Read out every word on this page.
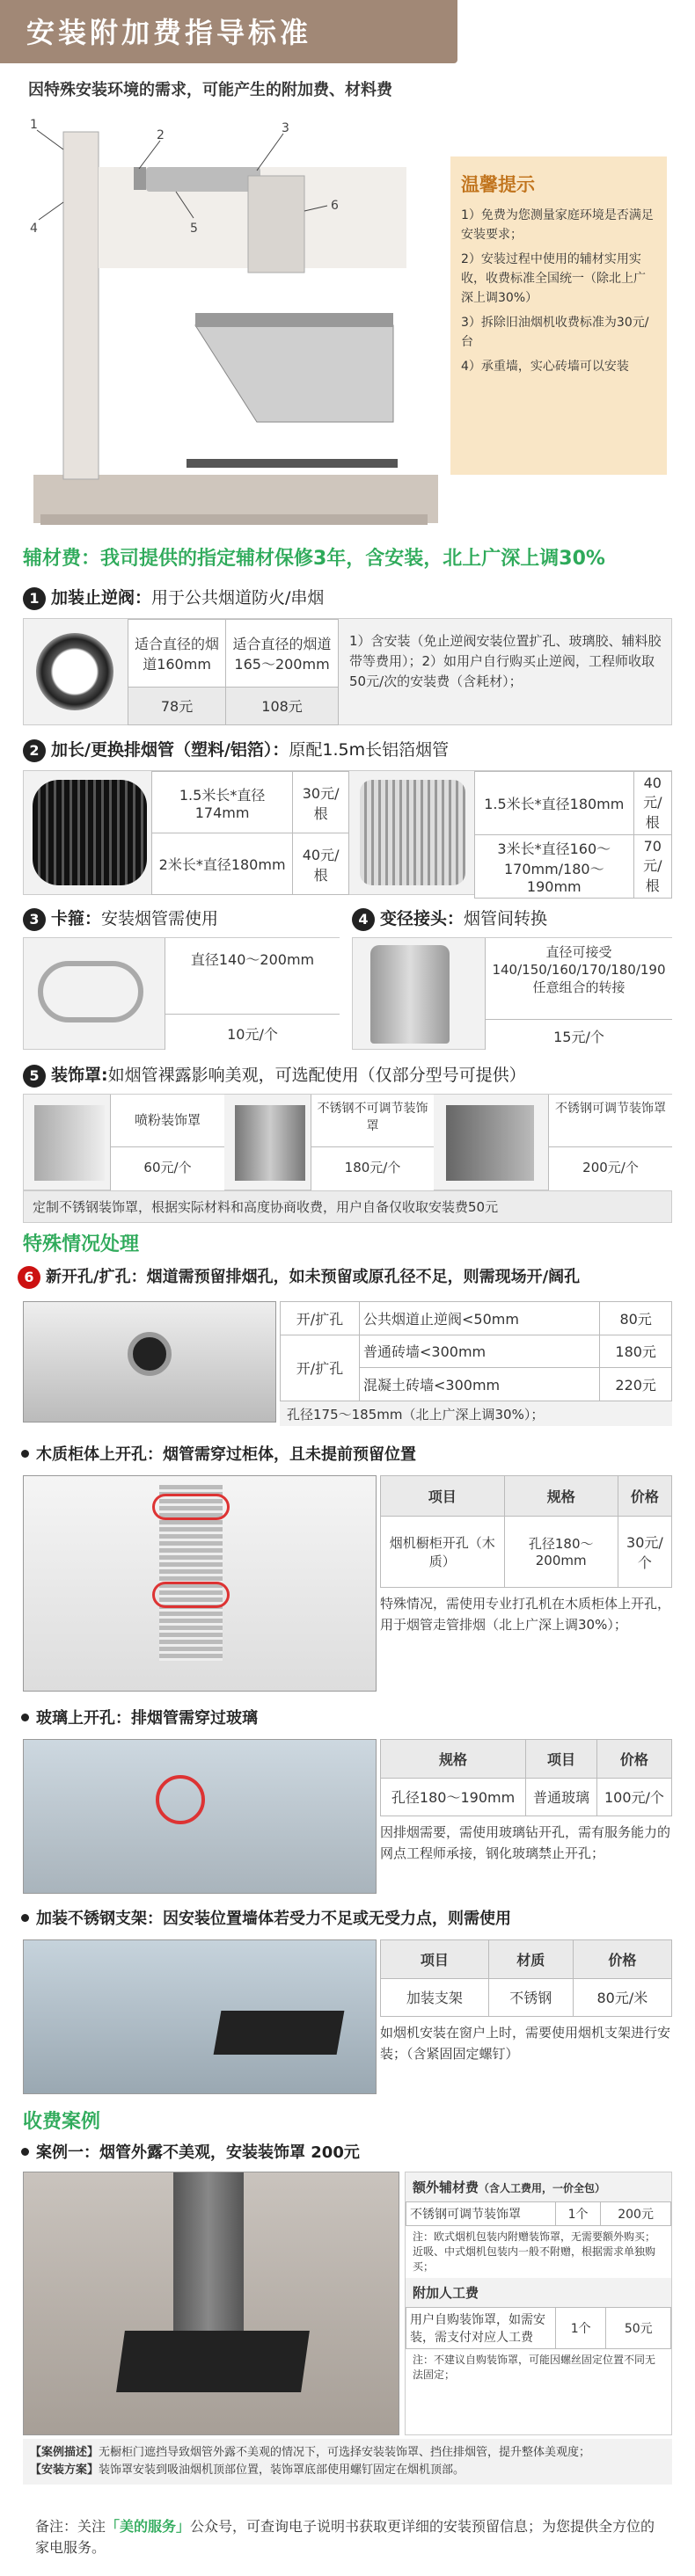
安装附加费指导标准
因特殊安装环境的需求，可能产生的附加费、材料费
1
2	3
4	5
6
温馨提示
1）免费为您测量家庭环境是否满足安装要求；
2）安装过程中使用的辅材实用实收，收费标准全国统一（除北上广深上调30%）
3）拆除旧油烟机收费标准为30元/台
4）承重墙，实心砖墙可以安装
辅材费：我司提供的指定辅材保修3年，含安装，北上广深上调30%
1 加装止逆阀：用于公共烟道防火/串烟
适合直径的烟道160mm	适合直径的烟道165～200mm
78元	108元
1）含安装（免止逆阀安装位置扩孔、玻璃胶、辅料胶带等费用）；2）如用户自行购买止逆阀，工程师收取50元/次的安装费（含耗材）；
2 加长/更换排烟管（塑料/铝箔）：原配1.5m长铝箔烟管
1.5米长*直径174mm	30元/根
2米长*直径180mm	40元/根
1.5米长*直径180mm	40元/根
3米长*直径160～170mm/180～190mm	70元/根
3 卡箍：安装烟管需使用	4 变径接头：烟管间转换
直径140～200mm
10元/个
直径可接受140/150/160/170/180/190任意组合的转接
15元/个
5 装饰罩:如烟管裸露影响美观，可选配使用（仅部分型号可提供）
喷粉装饰罩
60元/个
不锈钢不可调节装饰罩
180元/个
不锈钢可调节装饰罩
200元/个
定制不锈钢装饰罩，根据实际材料和高度协商收费，用户自备仅收取安装费50元
特殊情况处理
6 新开孔/扩孔：烟道需预留排烟孔，如未预留或原孔径不足，则需现场开/阔孔
开/扩孔	公共烟道止逆阀<50mm	80元
开/扩孔	普通砖墙<300mm	180元
	混凝土砖墙<300mm	220元
孔径175～185mm（北上广深上调30%）；
木质柜体上开孔：烟管需穿过柜体，且未提前预留位置
项目	规格	价格
烟机橱柜开孔（木质）	孔径180～200mm	30元/个
特殊情况，需使用专业打孔机在木质柜体上开孔，用于烟管走管排烟（北上广深上调30%）；
玻璃上开孔：排烟管需穿过玻璃
规格	项目	价格
孔径180～190mm	普通玻璃	100元/个
因排烟需要，需使用玻璃钻开孔，需有服务能力的网点工程师承接，钢化玻璃禁止开孔；
加装不锈钢支架：因安装位置墙体若受力不足或无受力点，则需使用
项目	材质	价格
加装支架	不锈钢	80元/米
如烟机安装在窗户上时，需要使用烟机支架进行安装；（含紧固固定螺钉）
收费案例
案例一：烟管外露不美观，安装装饰罩 200元
额外辅材费（含人工费用，一价全包）
不锈钢可调节装饰罩	1个	200元
注：欧式烟机包装内附赠装饰罩，无需要额外购买；近吸、中式烟机包装内一般不附赠，根据需求单独购买；
附加人工费
用户自购装饰罩，如需安装，需支付对应人工费	1个	50元
注：不建议自购装饰罩，可能因螺丝固定位置不同无法固定；
【案例描述】无橱柜门遮挡导致烟管外露不美观的情况下，可选择安装装饰罩、挡住排烟管，提升整体美观度；
【安装方案】装饰罩安装到吸油烟机顶部位置，装饰罩底部使用螺钉固定在烟机顶部。
备注：关注「美的服务」公众号，可查询电子说明书获取更详细的安装预留信息；为您提供全方位的家电服务。
